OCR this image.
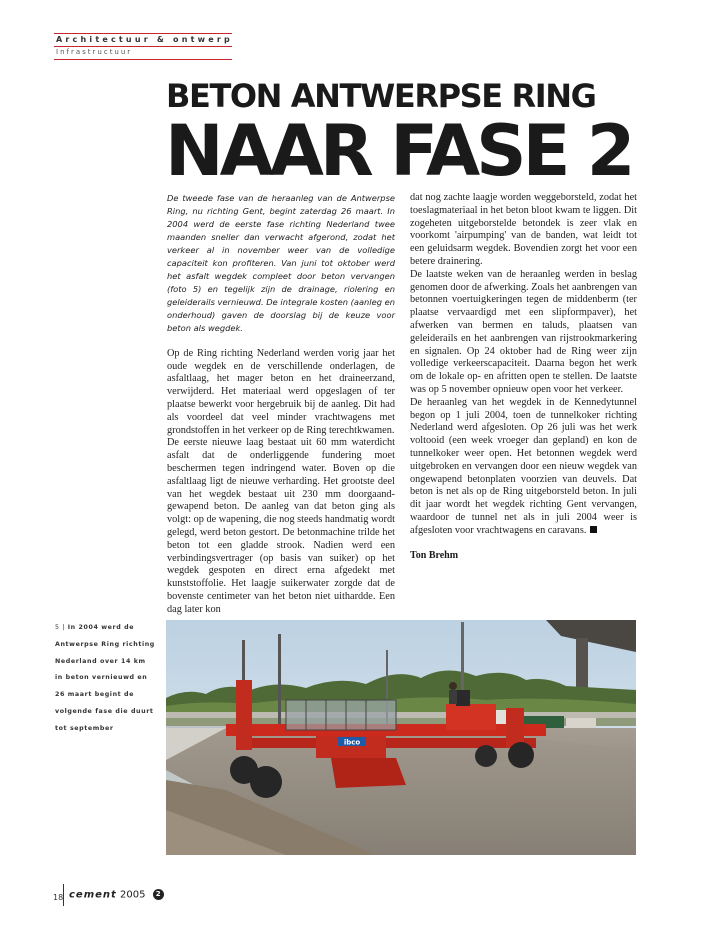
Architectuur & ontwerp
Infrastructuur
BETON ANTWERPSE RING
NAAR FASE 2

De tweede fase van de heraanleg van de Antwerpse Ring, nu richting Gent, begint zaterdag 26 maart. In 2004 werd de eerste fase richting Nederland twee maanden sneller dan verwacht afgerond, zodat het verkeer al in november weer van de volledige capaciteit kon profiteren. Van juni tot oktober werd het asfalt wegdek compleet door beton vervangen (foto 5) en tegelijk zijn de drainage, riolering en geleiderails vernieuwd. De integrale kosten (aanleg en onderhoud) gaven de doorslag bij de keuze voor beton als wegdek.

Op de Ring richting Nederland werden vorig jaar het oude wegdek en de verschillende onderlagen, de asfaltlaag, het mager beton en het draineerzand, verwijderd. Het materiaal werd opgeslagen of ter plaatse bewerkt voor hergebruik bij de aanleg. Dit had als voordeel dat veel minder vrachtwagens met grondstoffen in het verkeer op de Ring terechtkwamen.

De eerste nieuwe laag bestaat uit 60 mm waterdicht asfalt dat de onderliggende fundering moet beschermen tegen indringend water. Boven op die asfaltlaag ligt de nieuwe verharding. Het grootste deel van het wegdek bestaat uit 230 mm doorgaand-gewapend beton. De aanleg van dat beton ging als volgt: op de wapening, die nog steeds handmatig wordt gelegd, werd beton gestort. De betonmachine trilde het beton tot een gladde strook. Nadien werd een verbindingsvertrager (op basis van suiker) op het wegdek gespoten en direct erna afgedekt met kunststoffolie. Het laagje suikerwater zorgde dat de bovenste centimeter van het beton niet uithardde. Een dag later kon

dat nog zachte laagje worden weggeborsteld, zodat het toeslagmateriaal in het beton bloot kwam te liggen. Dit zogeheten uitgeborstelde betondek is zeer vlak en voorkomt 'airpumping' van de banden, wat leidt tot een geluidsarm wegdek. Bovendien zorgt het voor een betere drainering.

De laatste weken van de heraanleg werden in beslag genomen door de afwerking. Zoals het aanbrengen van betonnen voertuigkeringen tegen de middenberm (ter plaatse vervaardigd met een slipformpaver), het afwerken van bermen en taluds, plaatsen van geleiderails en het aanbrengen van rijstrookmarkering en signalen. Op 24 oktober had de Ring weer zijn volledige verkeerscapaciteit. Daarna begon het werk om de lokale op- en afritten open te stellen. De laatste was op 5 november opnieuw open voor het verkeer.

De heraanleg van het wegdek in de Kennedytunnel begon op 1 juli 2004, toen de tunnelkoker richting Nederland werd afgesloten. Op 26 juli was het werk voltooid (een week vroeger dan gepland) en kon de tunnelkoker weer open. Het betonnen wegdek werd uitgebroken en vervangen door een nieuw wegdek van ongewapend betonplaten voorzien van deuvels. Dat beton is net als op de Ring uitgeborsteld beton. In juli dit jaar wordt het wegdek richting Gent vervangen, waardoor de tunnel net als in juli 2004 weer is afgesloten voor vrachtwagens en caravans.

Ton Brehm

5 | In 2004 werd de Antwerpse Ring richting Nederland over 14 km in beton vernieuwd en 26 maart begint de volgende fase die duurt tot september
ibco
18 cement 2005 2
